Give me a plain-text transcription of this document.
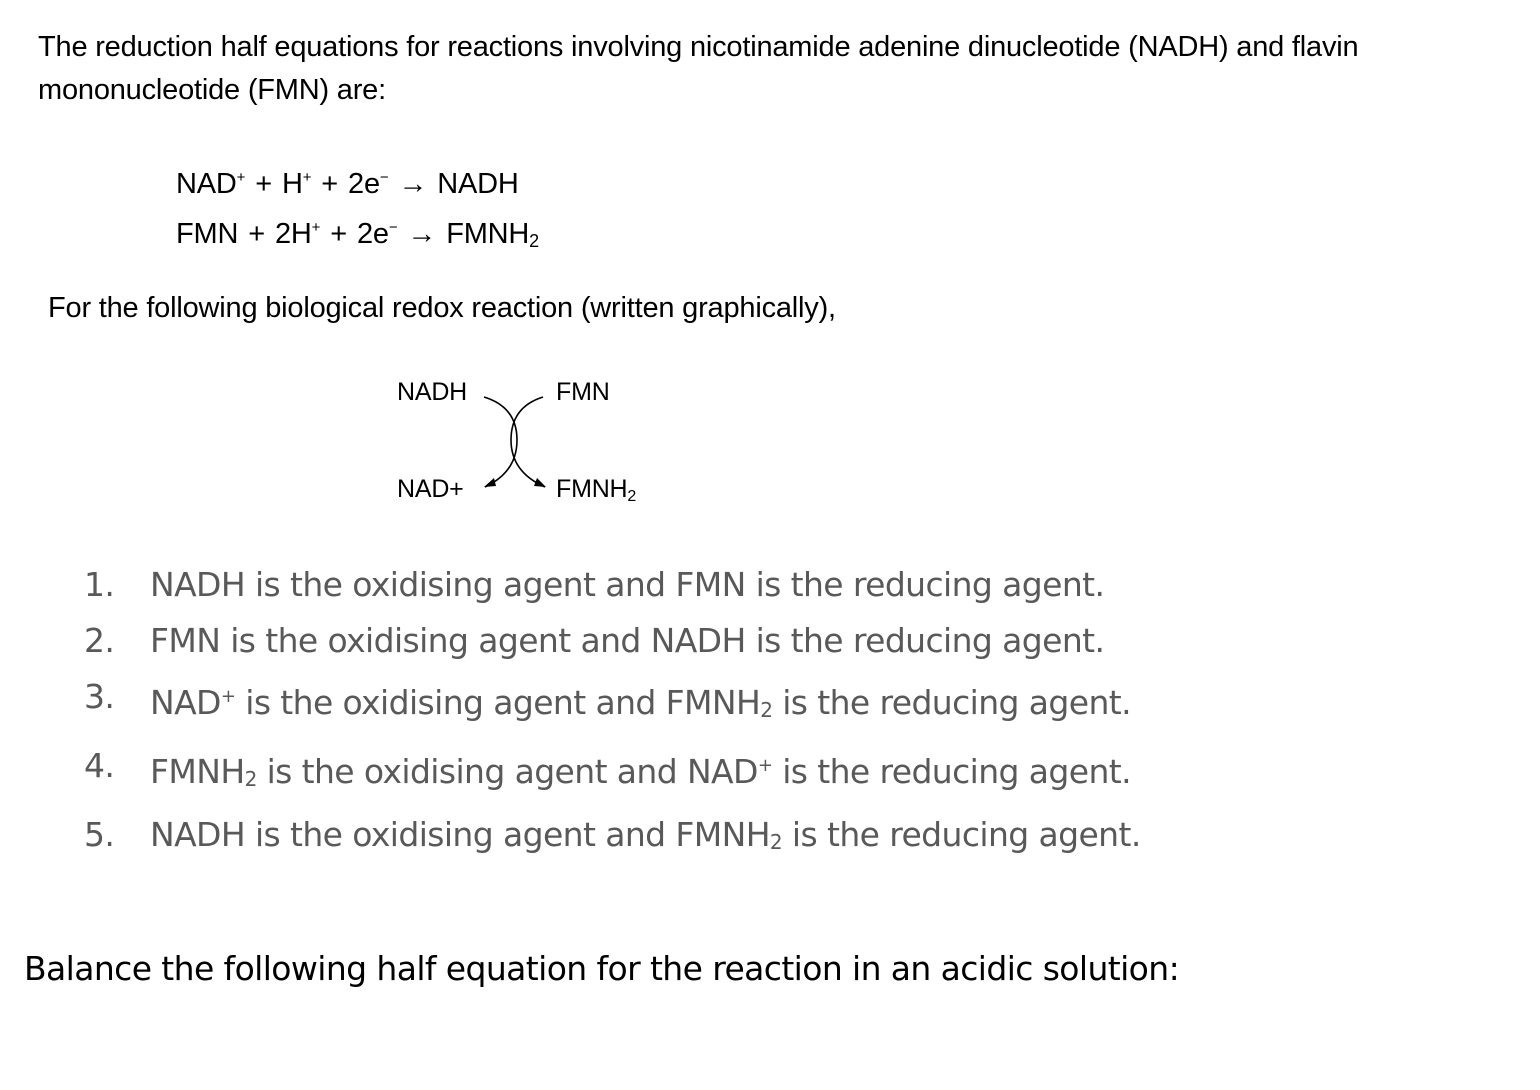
The reduction half equations for reactions involving nicotinamide adenine dinucleotide (NADH) and flavin mononucleotide (FMN) are:
NAD+ + H+ + 2e− → NADH
FMN + $2H^+ + 2e^- \to FMNH_2$
For the following biological redox reaction (written graphically),
NADH	FMN
NAD+	$FMNH_2$
1.	NADH is the oxidising agent and FMN is the reducing agent.
2.	FMN is the oxidising agent and NADH is the reducing agent.
3.	NAD+ is the oxidising agent and $FMNH_2$ is the reducing agent.
4.	$FMNH_2$ is the oxidising agent and NAD+ is the reducing agent.
5.	NADH is the oxidising agent and $FMNH_2$ is the reducing agent.
Balance the following half equation for the reaction in an acidic solution:
